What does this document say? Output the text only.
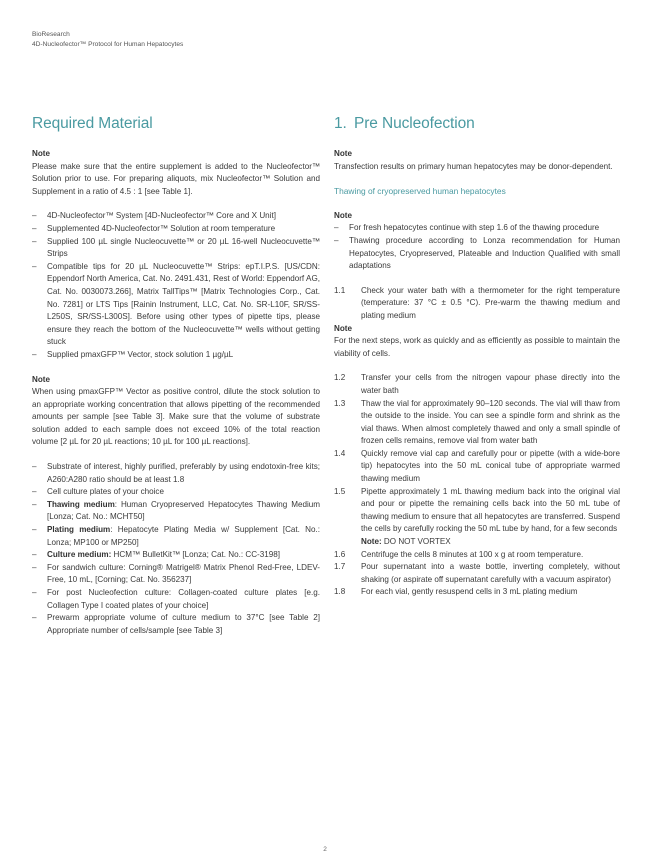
BioResearch
4D-Nucleofector™ Protocol for Human Hepatocytes
Required Material
Note

Please make sure that the entire supplement is added to the Nucleofector™ Solution prior to use. For preparing aliquots, mix Nucleofector™ Solution and Supplement in a ratio of 4.5 : 1 [see Table 1].

– 4D-Nucleofector™ System [4D-Nucleofector™ Core and X Unit]
– Supplemented 4D-Nucleofector™ Solution at room temperature
– Supplied 100 µL single Nucleocuvette™ or 20 µL 16-well Nucleocuvette™ Strips
– Compatible tips for 20 µL Nucleocuvette™ Strips: epT.I.P.S. [US/CDN: Eppendorf North America, Cat. No. 2491.431, Rest of World: Eppendorf AG, Cat. No. 0030073.266], Matrix TallTips™ [Matrix Technologies Corp., Cat. No. 7281] or LTS Tips [Rainin Instrument, LLC, Cat. No. SR-L10F, SR/SS-L250S, SR/SS-L300S]. Before using other types of pipette tips, please ensure they reach the bottom of the Nucleocuvette™ wells without getting stuck
– Supplied pmaxGFP™ Vector, stock solution 1 µg/µL
Note

When using pmaxGFP™ Vector as positive control, dilute the stock solution to an appropriate working concentration that allows pipetting of the recommended amounts per sample [see Table 3]. Make sure that the volume of substrate solution added to each sample does not exceed 10% of the total reaction volume [2 µL for 20 µL reactions; 10 µL for 100 µL reactions].

– Substrate of interest, highly purified, preferably by using endotoxin-free kits; A260:A280 ratio should be at least 1.8
– Cell culture plates of your choice
– Thawing medium: Human Cryopreserved Hepatocytes Thawing Medium [Lonza; Cat. No.: MCHT50]
– Plating medium: Hepatocyte Plating Media w/ Supplement [Cat. No.: Lonza; MP100 or MP250]
– Culture medium: HCM™ BulletKit™ [Lonza; Cat. No.: CC-3198]
– For sandwich culture: Corning® Matrigel® Matrix Phenol Red-Free, LDEV-Free, 10 mL, [Corning; Cat. No. 356237]
– For post Nucleofection culture: Collagen-coated culture plates [e.g. Collagen Type I coated plates of your choice]
– Prewarm appropriate volume of culture medium to 37°C [see Table 2] Appropriate number of cells/sample [see Table 3]
1. Pre Nucleofection
Note

Transfection results on primary human hepatocytes may be donor-dependent.

Thawing of cryopreserved human hepatocytes
Note
– For fresh hepatocytes continue with step 1.6 of the thawing procedure
– Thawing procedure according to Lonza recommendation for Human Hepatocytes, Cryopreserved, Plateable and Induction Qualified with small adaptations
1.1	Check your water bath with a thermometer for the right temperature (temperature: 37 °C ± 0.5 °C). Pre-warm the thawing medium and plating medium
Note

For the next steps, work as quickly and as efficiently as possible to maintain the viability of cells.

1.2	Transfer your cells from the nitrogen vapour phase directly into the water bath
1.3	Thaw the vial for approximately 90–120 seconds. The vial will thaw from the outside to the inside. You can see a spindle form and shrink as the vial thaws. When almost completely thawed and only a small spindle of frozen cells remains, remove vial from water bath
1.4	Quickly remove vial cap and carefully pour or pipette (with a wide-bore tip) hepatocytes into the 50 mL conical tube of appropriate warmed thawing medium
1.5	Pipette approximately 1 mL thawing medium back into the original vial and pour or pipette the remaining cells back into the 50 mL tube of thawing medium to ensure that all hepatocytes are transferred. Suspend the cells by carefully rocking the 50 mL tube by hand, for a few seconds
Note: DO NOT VORTEX
1.6	Centrifuge the cells 8 minutes at 100 x g at room temperature.
1.7	Pour supernatant into a waste bottle, inverting completely, without shaking (or aspirate off supernatant carefully with a vacuum aspirator)
1.8	For each vial, gently resuspend cells in 3 mL plating medium
2
